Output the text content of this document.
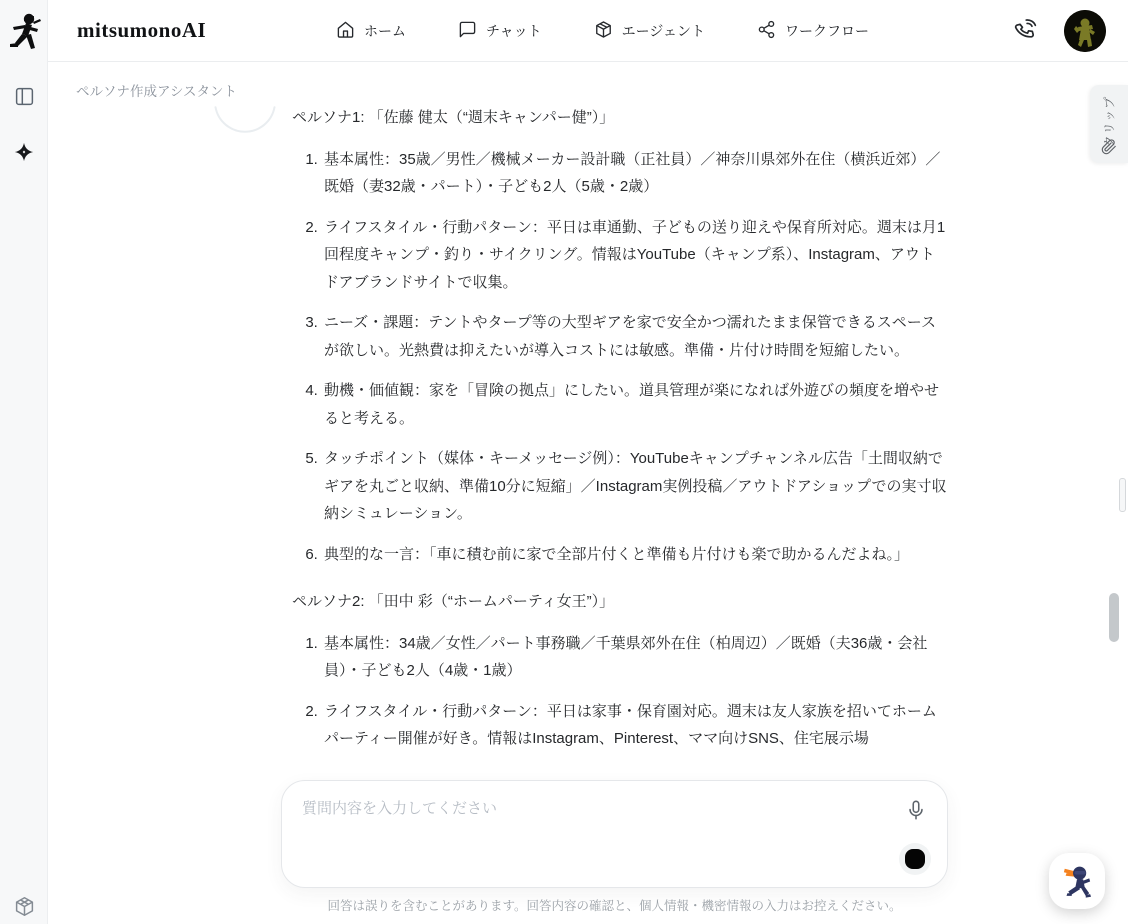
mitsumonoAI	ホーム	チャット	エージェント	ワークフロー
ペルソナ作成アシスタント

ペルソナ1: 「佐藤 健太（“週末キャンパー健”）」

1. 基本属性：35歳／男性／機械メーカー設計職（正社員）／神奈川県郊外在住（横浜近郊）／既婚（妻32歳・パート）・子ども2人（5歳・2歳）
2. ライフスタイル・行動パターン：平日は車通勤、子どもの送り迎えや保育所対応。週末は月1回程度キャンプ・釣り・サイクリング。情報はYouTube（キャンプ系）、Instagram、アウトドアブランドサイトで収集。
3. ニーズ・課題：テントやタープ等の大型ギアを家で安全かつ濡れたまま保管できるスペースが欲しい。光熱費は抑えたいが導入コストには敏感。準備・片付け時間を短縮したい。
4. 動機・価値観：家を「冒険の拠点」にしたい。道具管理が楽になれば外遊びの頻度を増やせると考える。
5. タッチポイント（媒体・キーメッセージ例）：YouTubeキャンプチャンネル広告「土間収納でギアを丸ごと収納、準備10分に短縮」／Instagram実例投稿／アウトドアショップでの実寸収納シミュレーション。
6. 典型的な一言：「車に積む前に家で全部片付くと準備も片付けも楽で助かるんだよね。」

ペルソナ2: 「田中 彩（“ホームパーティ女王”）」

1. 基本属性：34歳／女性／パート事務職／千葉県郊外在住（柏周辺）／既婚（夫36歳・会社員）・子ども2人（4歳・1歳）
2. ライフスタイル・行動パターン：平日は家事・保育園対応。週末は友人家族を招いてホームパーティー開催が好き。情報はInstagram、Pinterest、ママ向けSNS、住宅展示場
クリップ
質問内容を入力してください
回答は誤りを含むことがあります。回答内容の確認と、個人情報・機密情報の入力はお控えください。
